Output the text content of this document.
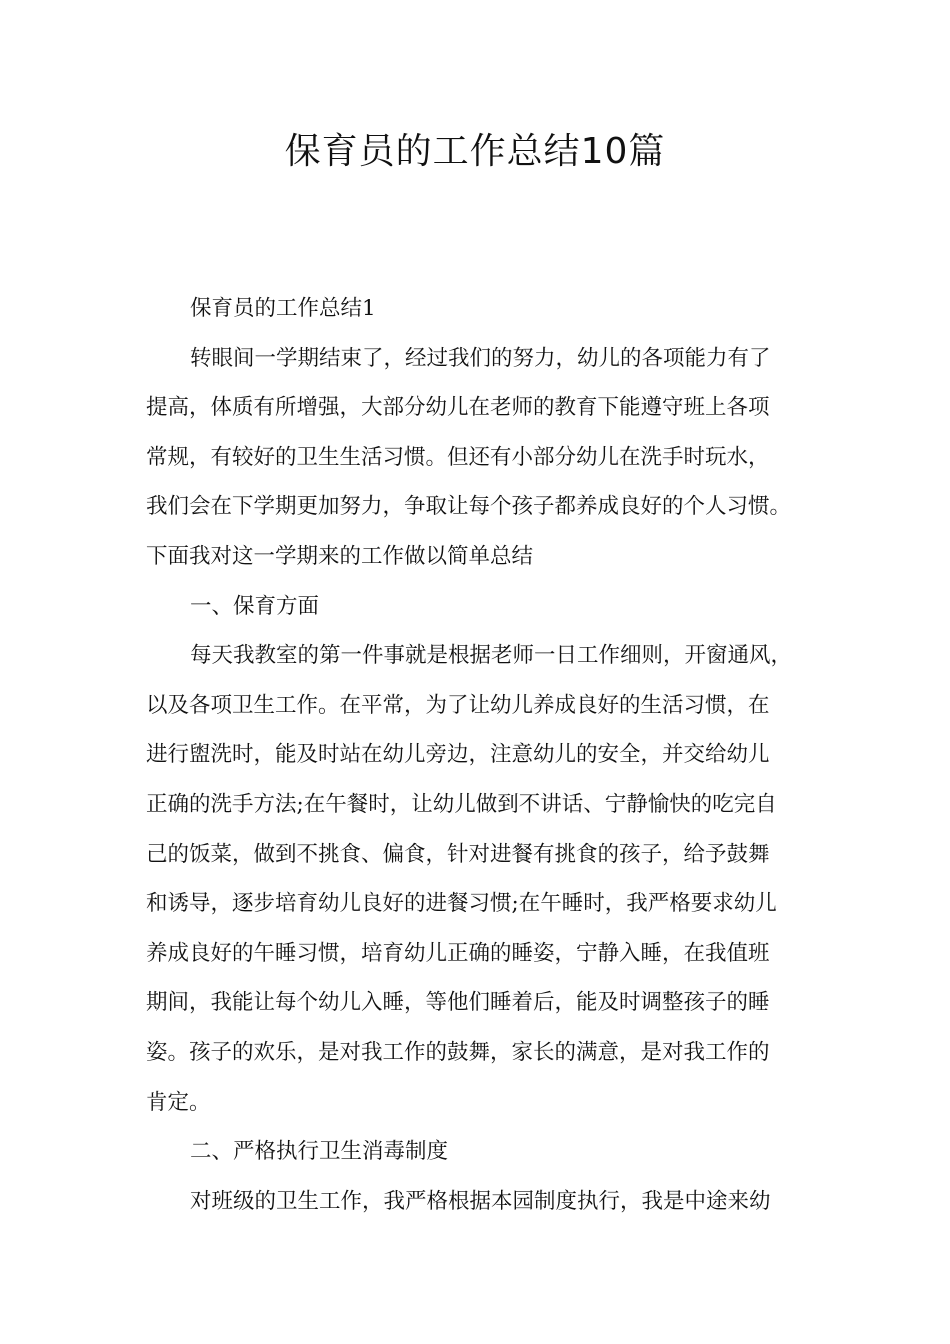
保育员的工作总结10篇

保育员的工作总结1

转眼间一学期结束了，经过我们的努力，幼儿的各项能力有了
提高，体质有所增强，大部分幼儿在老师的教育下能遵守班上各项
常规，有较好的卫生生活习惯。但还有小部分幼儿在洗手时玩水，
我们会在下学期更加努力，争取让每个孩子都养成良好的个人习惯。
下面我对这一学期来的工作做以简单总结

一、保育方面

每天我教室的第一件事就是根据老师一日工作细则，开窗通风，
以及各项卫生工作。在平常，为了让幼儿养成良好的生活习惯，在
进行盥洗时，能及时站在幼儿旁边，注意幼儿的安全，并交给幼儿
正确的洗手方法;在午餐时，让幼儿做到不讲话、宁静愉快的吃完自
己的饭菜，做到不挑食、偏食，针对进餐有挑食的孩子，给予鼓舞
和诱导，逐步培育幼儿良好的进餐习惯;在午睡时，我严格要求幼儿
养成良好的午睡习惯，培育幼儿正确的睡姿，宁静入睡，在我值班
期间，我能让每个幼儿入睡，等他们睡着后，能及时调整孩子的睡
姿。孩子的欢乐，是对我工作的鼓舞，家长的满意，是对我工作的
肯定。

二、严格执行卫生消毒制度

对班级的卫生工作，我严格根据本园制度执行，我是中途来幼
